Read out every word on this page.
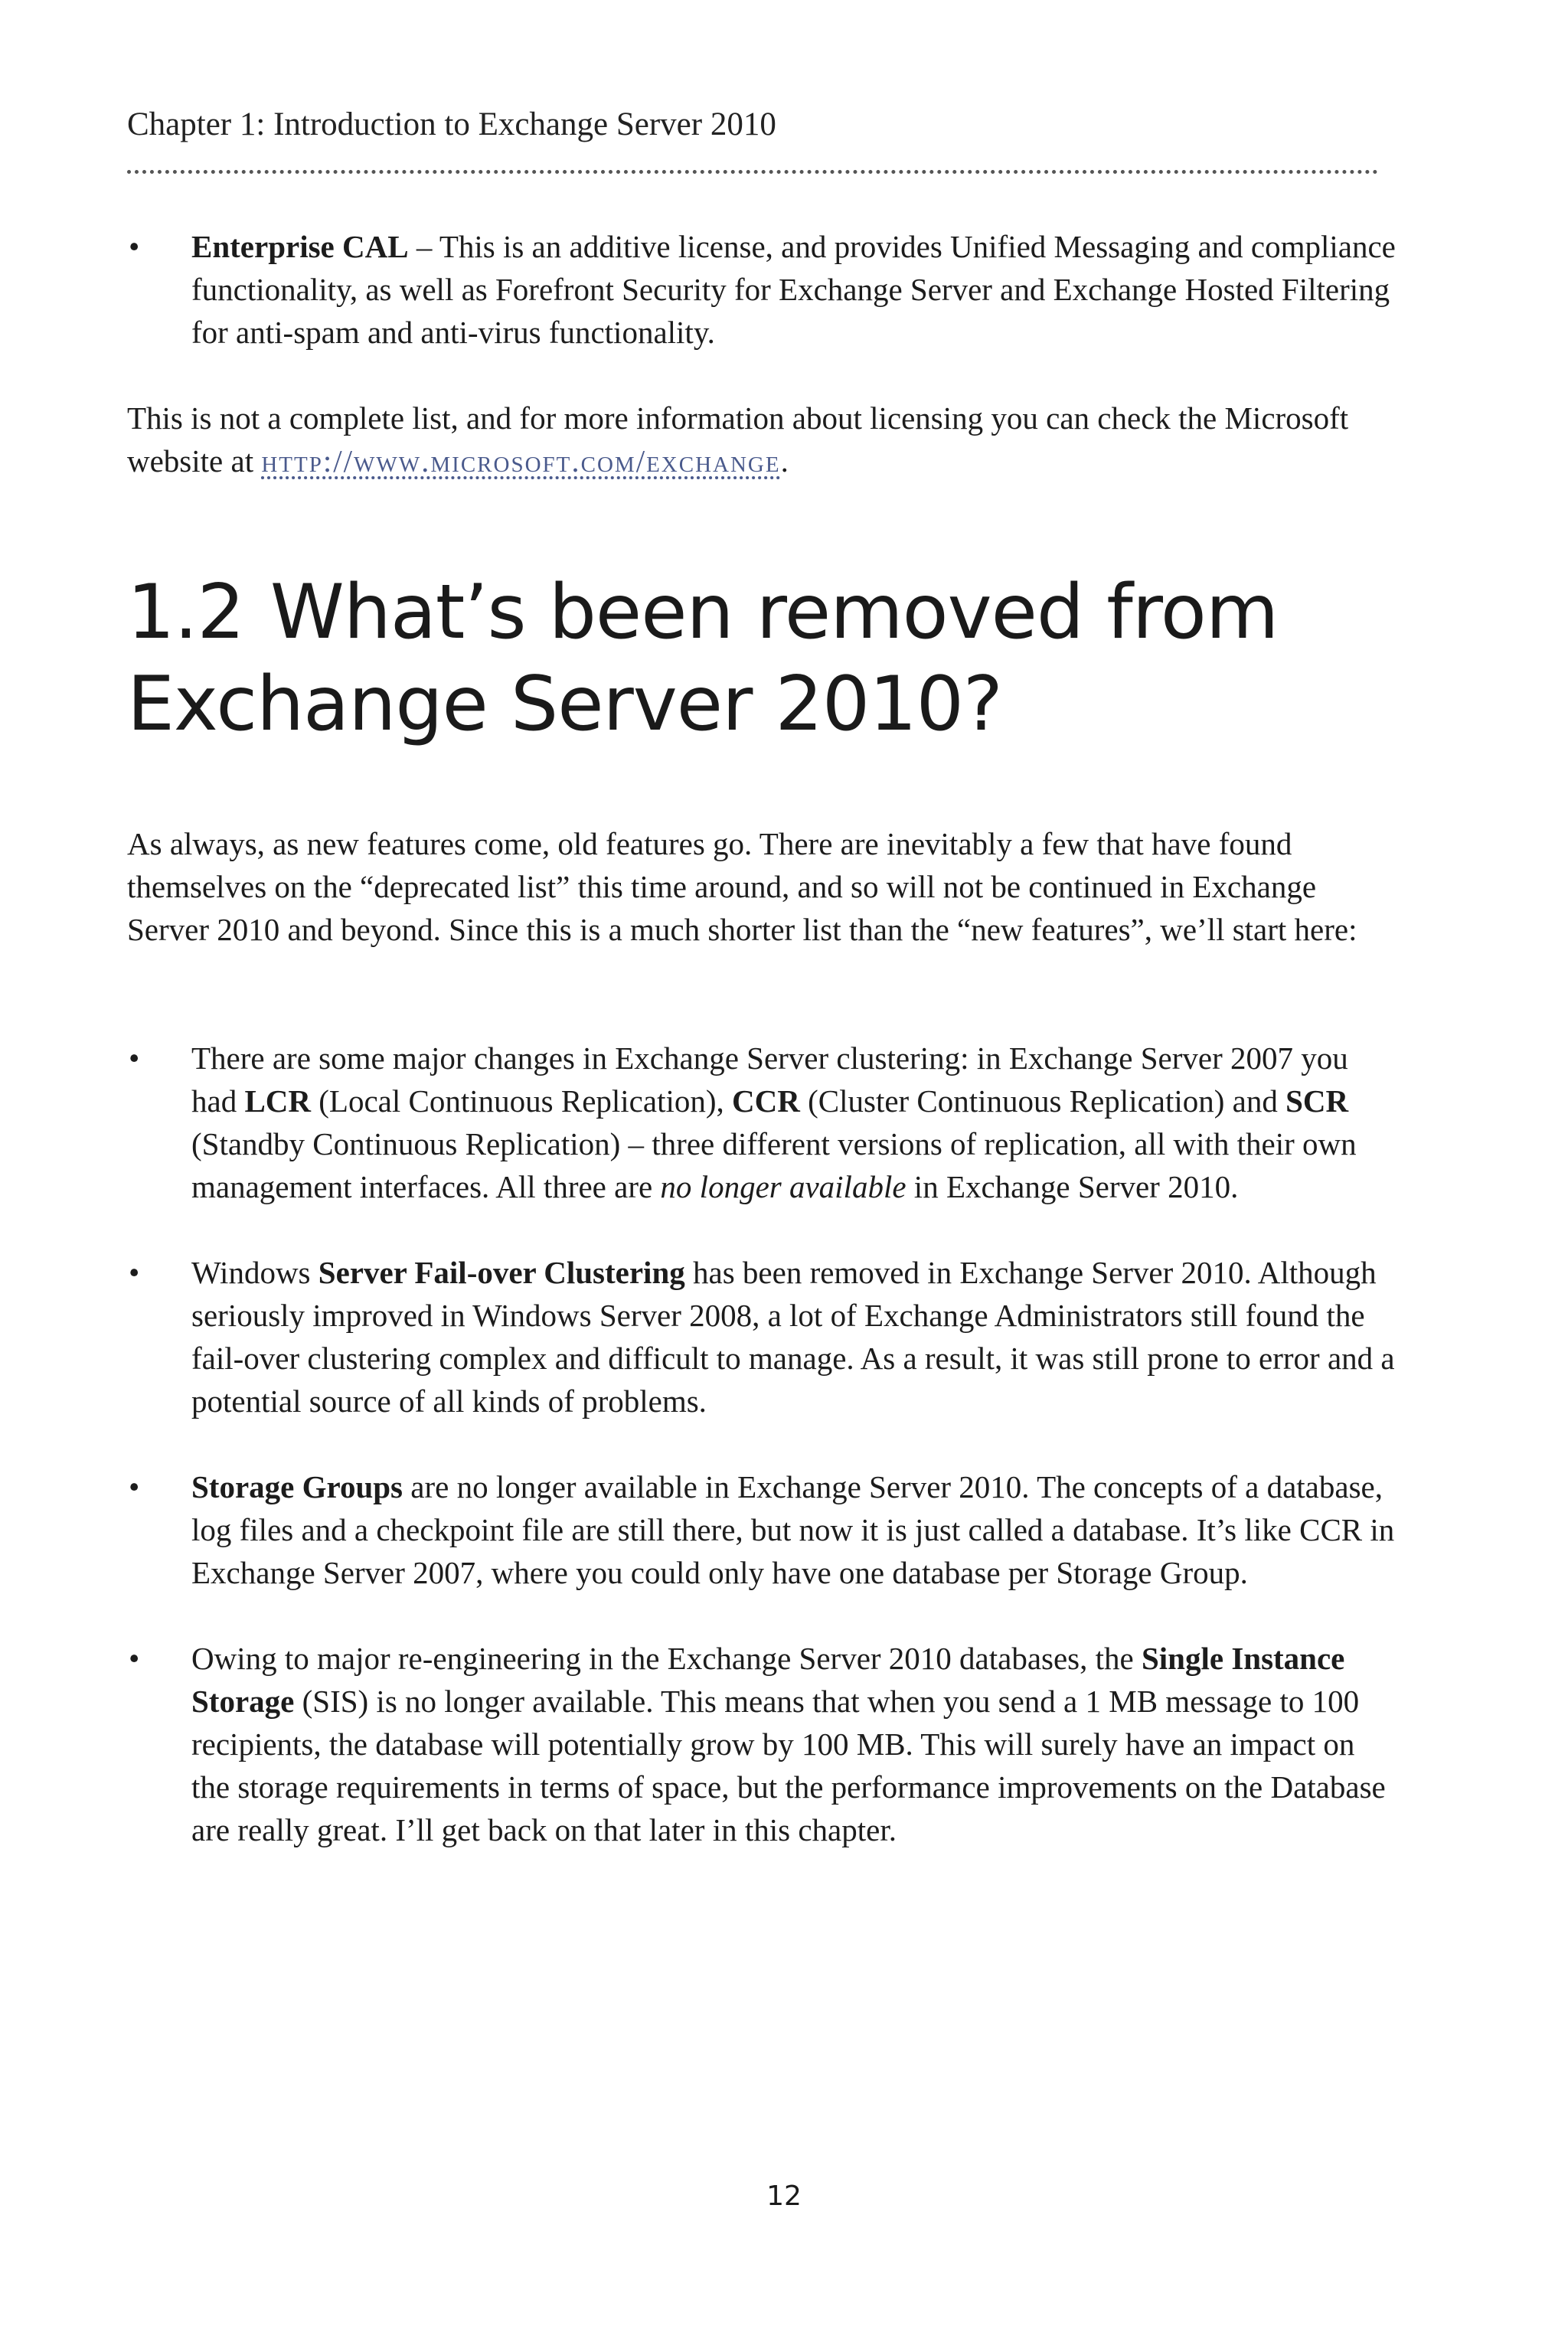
Chapter 1: Introduction to Exchange Server 2010
• Enterprise CAL – This is an additive license, and provides Unified Messaging and compliance functionality, as well as Forefront Security for Exchange Server and Exchange Hosted Filtering for anti-spam and anti-virus functionality.

This is not a complete list, and for more information about licensing you can check the Microsoft website at http://www.microsoft.com/exchange.

1.2 What’s been removed from
Exchange Server 2010?

As always, as new features come, old features go. There are inevitably a few that have found themselves on the “deprecated list” this time around, and so will not be continued in Exchange Server 2010 and beyond. Since this is a much shorter list than the “new features”, we’ll start here:

• There are some major changes in Exchange Server clustering: in Exchange Server 2007 you had LCR (Local Continuous Replication), CCR (Cluster Continuous Replication) and SCR (Standby Continuous Replication) – three different versions of replication, all with their own management interfaces. All three are no longer available in Exchange Server 2010.
• Windows Server Fail-over Clustering has been removed in Exchange Server 2010. Although seriously improved in Windows Server 2008, a lot of Exchange Administrators still found the fail-over clustering complex and difficult to manage. As a result, it was still prone to error and a potential source of all kinds of problems.
• Storage Groups are no longer available in Exchange Server 2010. The concepts of a database, log files and a checkpoint file are still there, but now it is just called a database. It’s like CCR in Exchange Server 2007, where you could only have one database per Storage Group.
• Owing to major re-engineering in the Exchange Server 2010 databases, the Single Instance Storage (SIS) is no longer available. This means that when you send a 1 MB message to 100 recipients, the database will potentially grow by 100 MB. This will surely have an impact on the storage requirements in terms of space, but the performance improvements on the Database are really great. I’ll get back on that later in this chapter.
12
